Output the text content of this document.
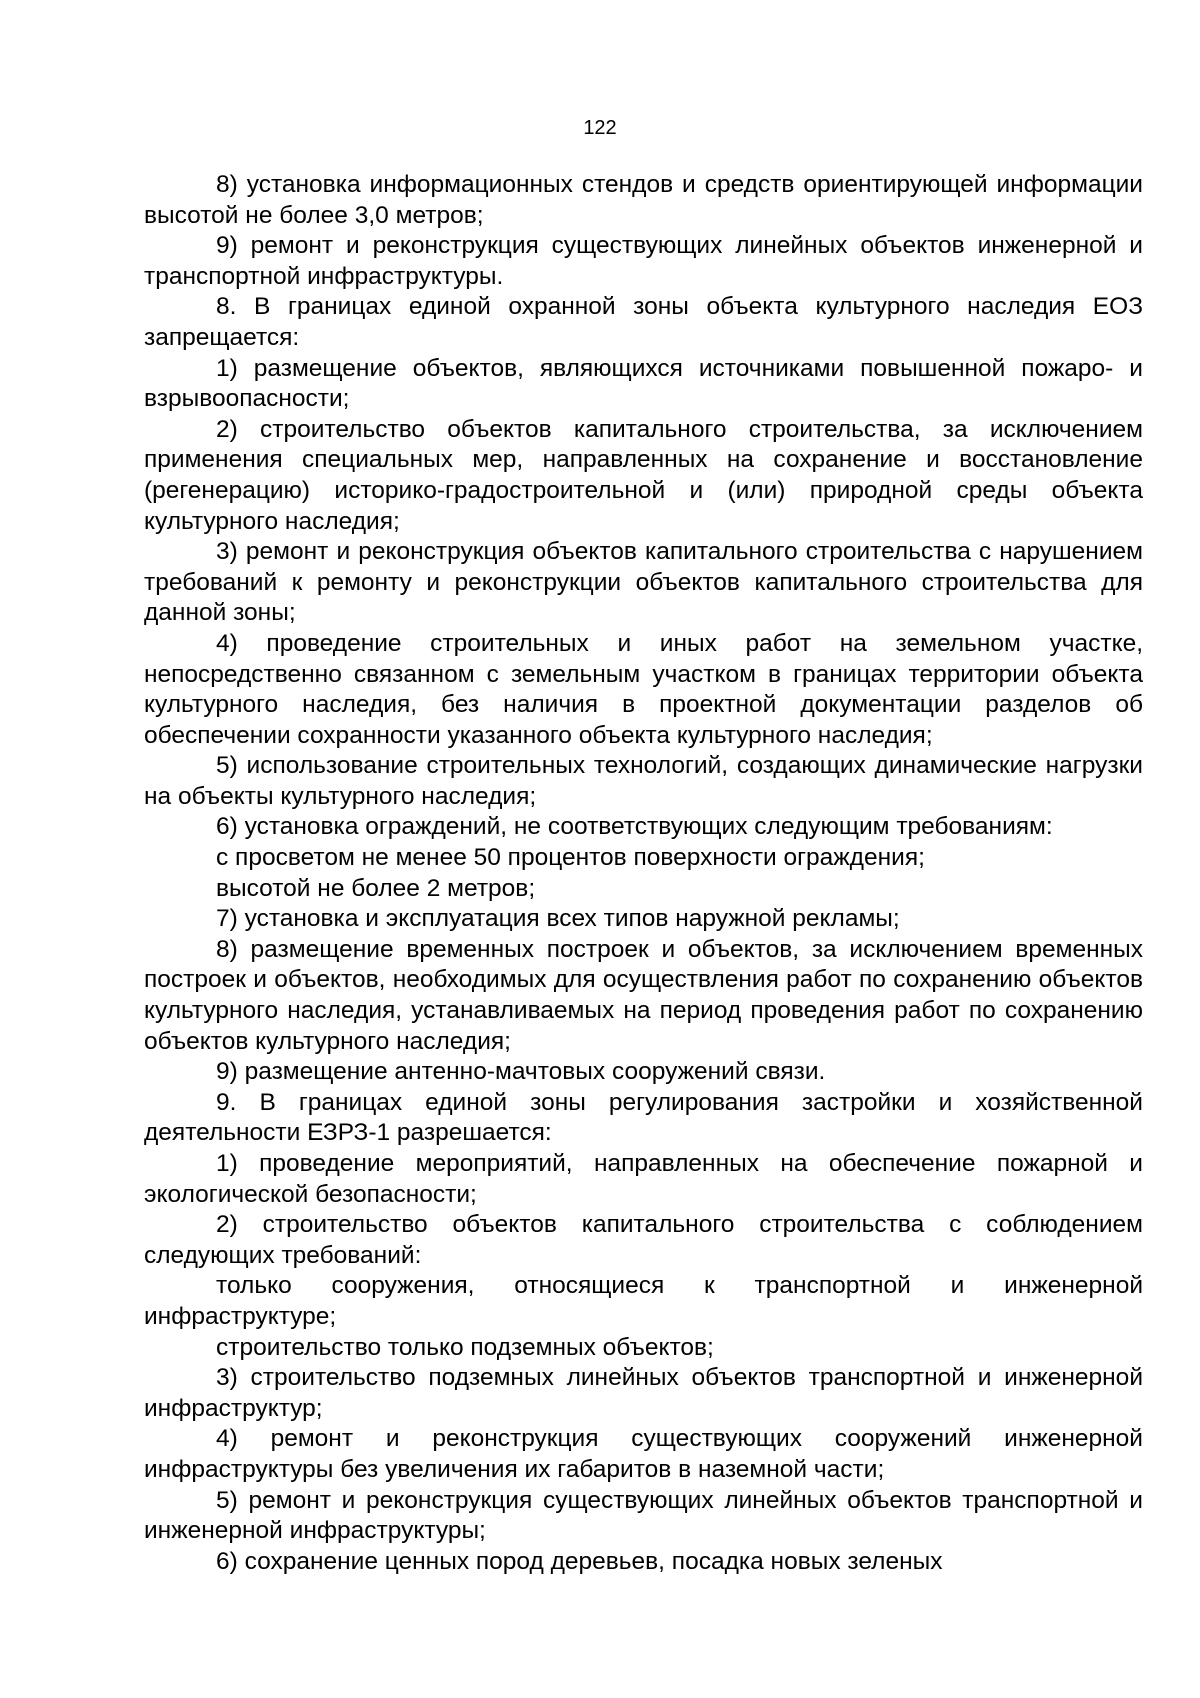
122

8) установка информационных стендов и средств ориентирующей информации высотой не более 3,0 метров;

9) ремонт и реконструкция существующих линейных объектов инженерной и транспортной инфраструктуры.

8. В границах единой охранной зоны объекта культурного наследия ЕОЗ запрещается:

1) размещение объектов, являющихся источниками повышенной пожаро- и взрывоопасности;

2) строительство объектов капитального строительства, за исключением применения специальных мер, направленных на сохранение и восстановление (регенерацию) историко-градостроительной и (или) природной среды объекта культурного наследия;

3) ремонт и реконструкция объектов капитального строительства с нарушением требований к ремонту и реконструкции объектов капитального строительства для данной зоны;

4) проведение строительных и иных работ на земельном участке, непосредственно связанном с земельным участком в границах территории объекта культурного наследия, без наличия в проектной документации разделов об обеспечении сохранности указанного объекта культурного наследия;

5) использование строительных технологий, создающих динамические нагрузки на объекты культурного наследия;

6) установка ограждений, не соответствующих следующим требованиям:

с просветом не менее 50 процентов поверхности ограждения;

высотой не более 2 метров;

7) установка и эксплуатация всех типов наружной рекламы;

8) размещение временных построек и объектов, за исключением временных построек и объектов, необходимых для осуществления работ по сохранению объектов культурного наследия, устанавливаемых на период проведения работ по сохранению объектов культурного наследия;

9) размещение антенно-мачтовых сооружений связи.

9. В границах единой зоны регулирования застройки и хозяйственной деятельности ЕЗРЗ-1 разрешается:

1) проведение мероприятий, направленных на обеспечение пожарной и экологической безопасности;

2) строительство объектов капитального строительства с соблюдением следующих требований:

только сооружения, относящиеся к транспортной и инженерной инфраструктуре;

строительство только подземных объектов;

3) строительство подземных линейных объектов транспортной и инженерной инфраструктур;

4) ремонт и реконструкция существующих сооружений инженерной инфраструктуры без увеличения их габаритов в наземной части;

5) ремонт и реконструкция существующих линейных объектов транспортной и инженерной инфраструктуры;

6) сохранение ценных пород деревьев, посадка новых зеленых
